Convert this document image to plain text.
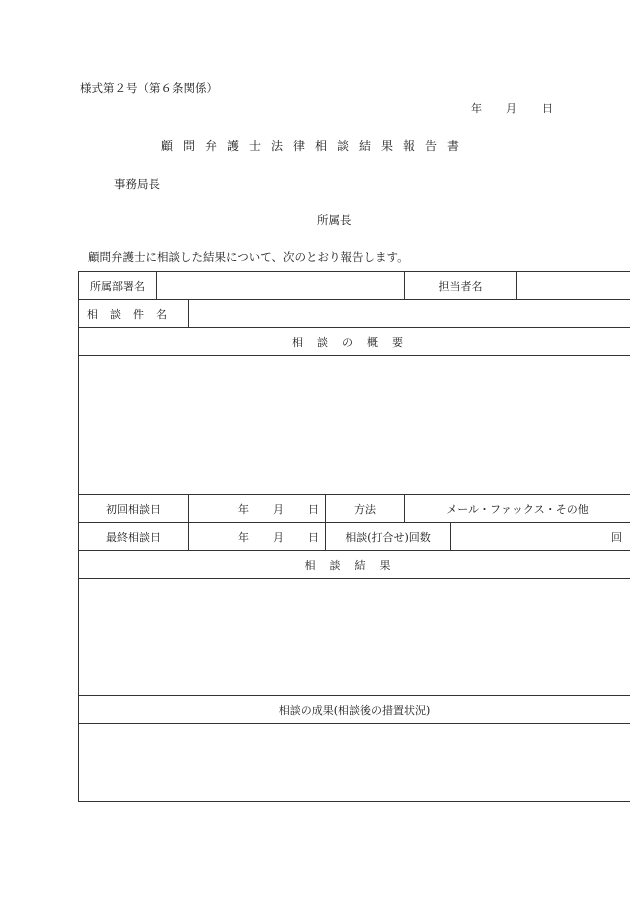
様式第２号（第６条関係）
年 月 日
顧問弁護士法律相談結果報告書
事務局長
所属長
顧問弁護士に相談した結果について、次のとおり報告します。
所属部署名				担当者名		
相談件名						
相談の概要						

初回相談日		年 月 日	方法	メール・ファックス・その他		
最終相談日		年 月 日	相談(打合せ)回数		回	
相談結果						

相談の成果(相談後の措置状況)						
